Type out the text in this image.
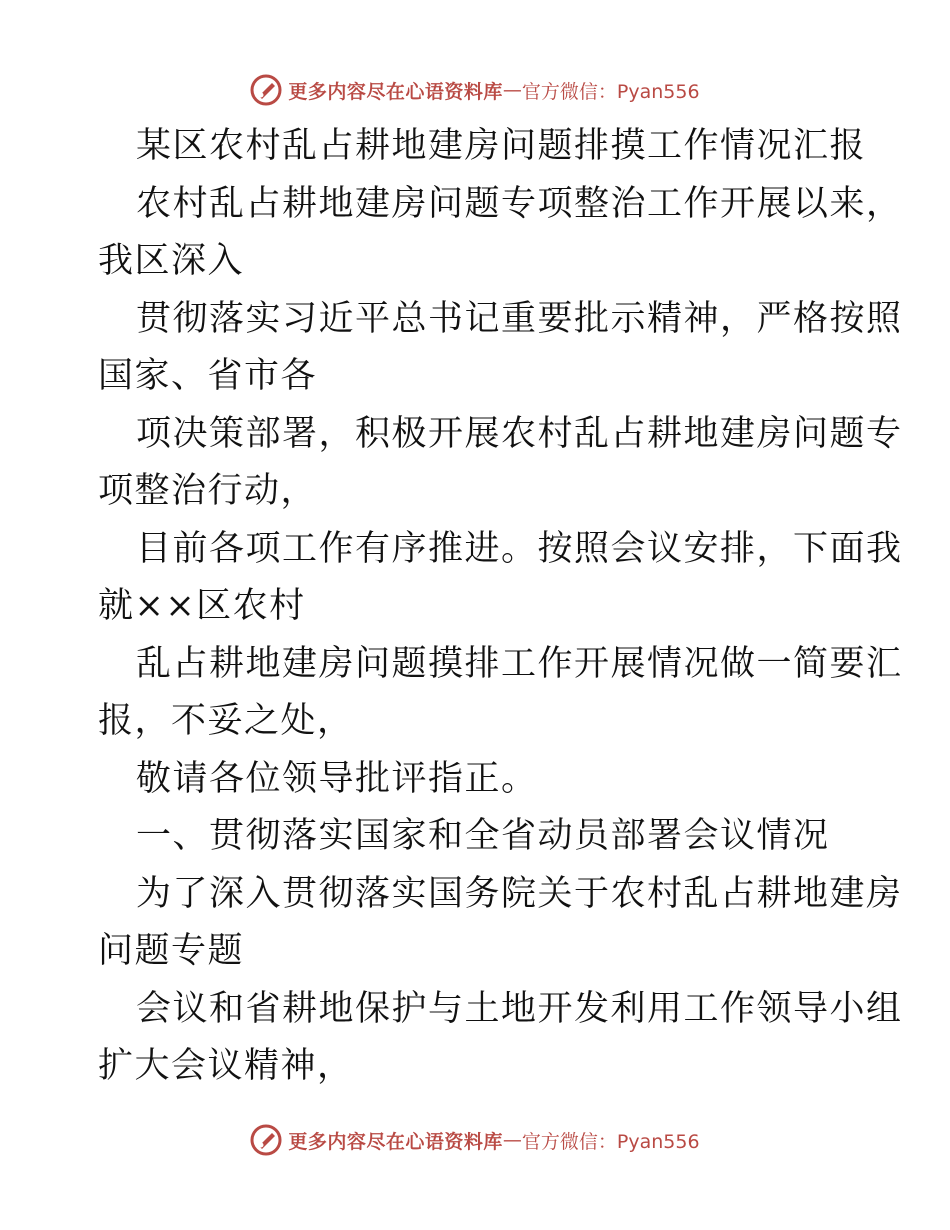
更多内容尽在心语资料库 — 官方微信：Pyan556
某区农村乱占耕地建房问题排摸工作情况汇报
农村乱占耕地建房问题专项整治工作开展以来，
我区深入
贯彻落实习近平总书记重要批示精神，严格按照
国家、省市各
项决策部署，积极开展农村乱占耕地建房问题专
项整治行动，
目前各项工作有序推进。按照会议安排，下面我
就××区农村
乱占耕地建房问题摸排工作开展情况做一简要汇
报，不妥之处，
敬请各位领导批评指正。
一、贯彻落实国家和全省动员部署会议情况
为了深入贯彻落实国务院关于农村乱占耕地建房
问题专题
会议和省耕地保护与土地开发利用工作领导小组
扩大会议精神，
更多内容尽在心语资料库 — 官方微信：Pyan556
